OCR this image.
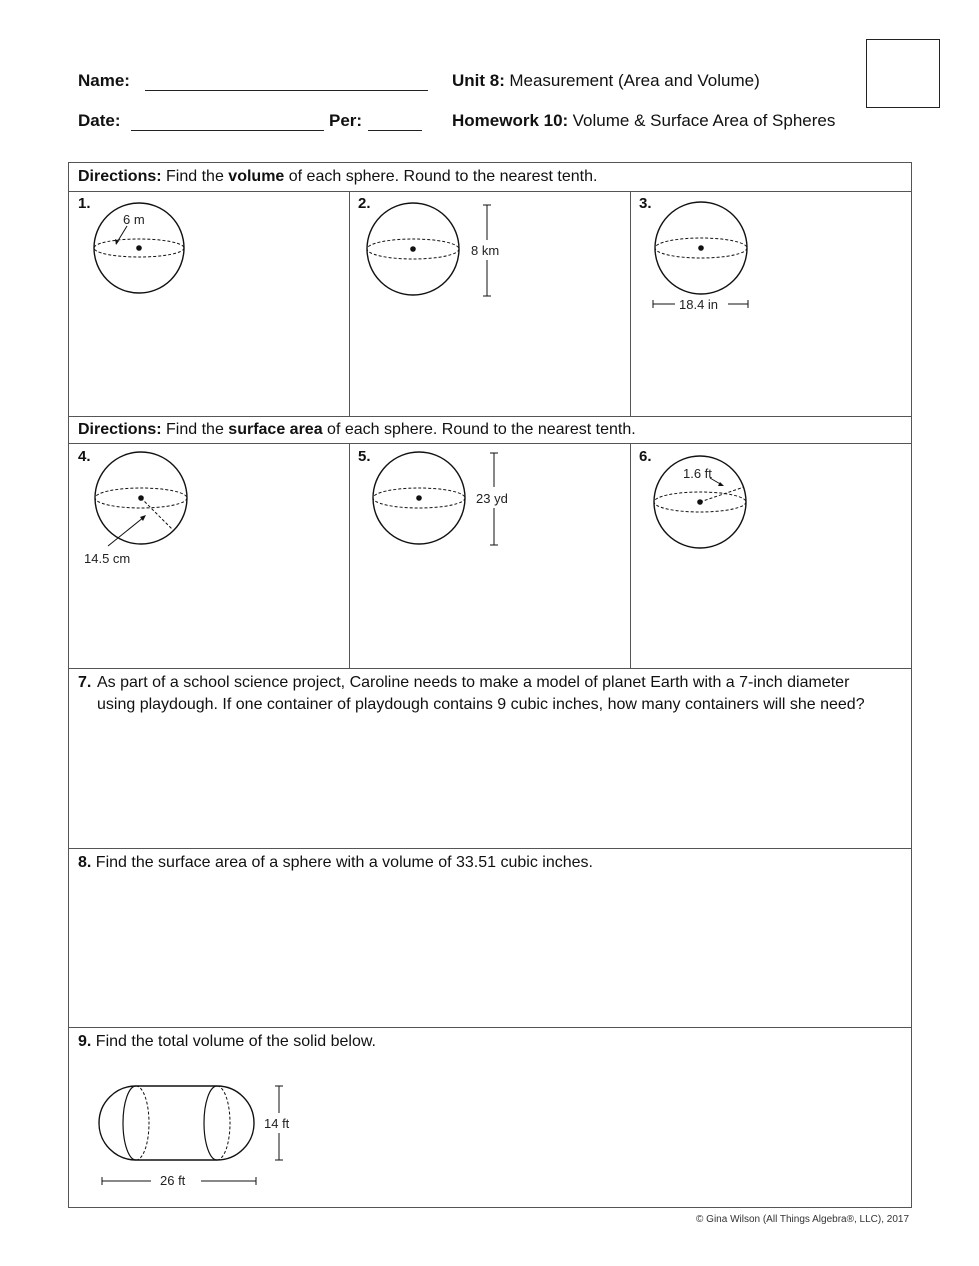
Name:
Date:	Per:
Unit 8: Measurement (Area and Volume)
Homework 10: Volume & Surface Area of Spheres
Directions: Find the volume of each sphere. Round to the nearest tenth.
1.	2.	3.
Directions: Find the surface area of each sphere. Round to the nearest tenth.
4.	5.	6.
7. As part of a school science project, Caroline needs to make a model of planet Earth with a 7-inch diameter using playdough. If one container of playdough contains 9 cubic inches, how many containers will she need?
8. Find the surface area of a sphere with a volume of 33.51 cubic inches.
9. Find the total volume of the solid below.
6 m
8 km
18.4 in
14.5 cm
23 yd
1.6 ft
14 ft
26 ft
© Gina Wilson (All Things Algebra®, LLC), 2017
